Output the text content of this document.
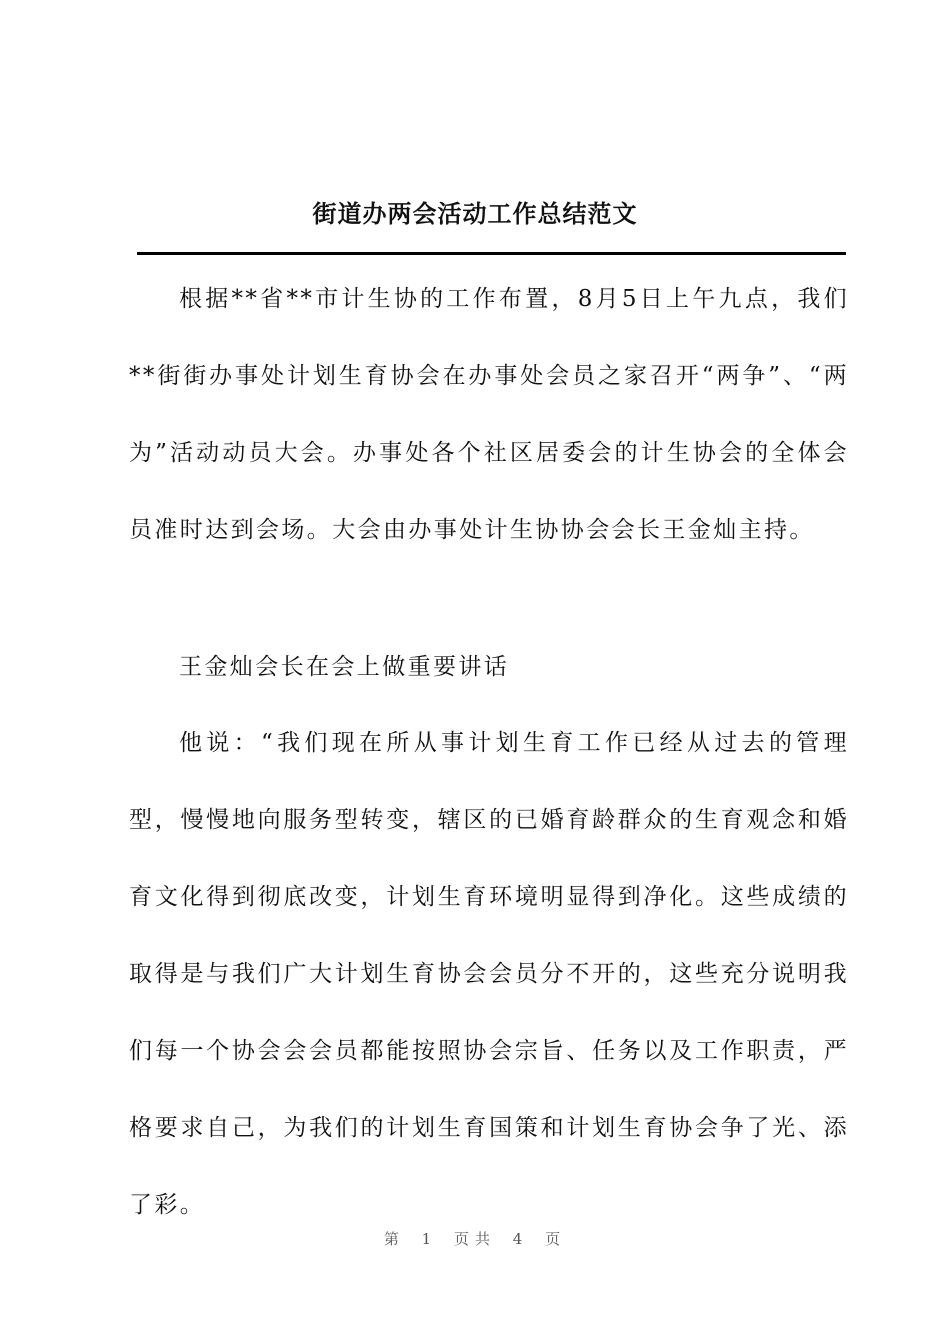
街道办两会活动工作总结范文

根据**省**市计生协的工作布置，8月5日上午九点，我们**街街办事处计划生育协会在办事处会员之家召开“两争”、“两为”活动动员大会。办事处各个社区居委会的计生协会的全体会员准时达到会场。大会由办事处计生协协会会长王金灿主持。

王金灿会长在会上做重要讲话

他说：“我们现在所从事计划生育工作已经从过去的管理型，慢慢地向服务型转变，辖区的已婚育龄群众的生育观念和婚育文化得到彻底改变，计划生育环境明显得到净化。这些成绩的取得是与我们广大计划生育协会会员分不开的，这些充分说明我们每一个协会会会员都能按照协会宗旨、任务以及工作职责，严格要求自己，为我们的计划生育国策和计划生育协会争了光、添了彩。

第 1 页共 4 页
